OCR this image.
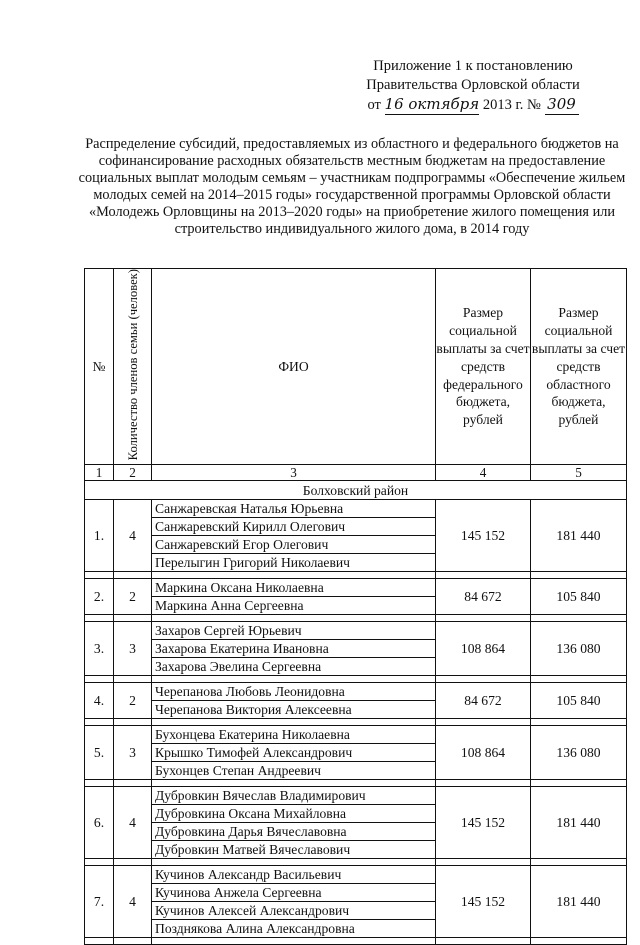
Приложение 1 к постановлению
Правительства Орловской области
от 16 октября 2013 г. № 309
Распределение субсидий, предоставляемых из областного и федерального бюджетов на софинансирование расходных обязательств местным бюджетам на предоставление социальных выплат молодым семьям – участникам подпрограммы «Обеспечение жильем молодых семей на 2014–2015 годы» государственной программы Орловской области «Молодежь Орловщины на 2013–2020 годы» на приобретение жилого помещения или строительство индивидуального жилого дома, в 2014 году
№	Количество членов семьи (человек)	ФИО	Размер социальной выплаты за счет средств федерального бюджета, рублей	Размер социальной выплаты за счет средств областного бюджета, рублей

1	2	3	4	5
Болховский район				
1.	4	Санжаревская Наталья Юрьевна	145 152	181 440
		Санжаревский Кирилл Олегович		
		Санжаревский Егор Олегович		
		Перелыгин Григорий Николаевич		

2.	2	Маркина Оксана Николаевна	84 672	105 840
		Маркина Анна Сергеевна		

3.	3	Захаров Сергей Юрьевич	108 864	136 080
		Захарова Екатерина Ивановна		
		Захарова Эвелина Сергеевна		

4.	2	Черепанова Любовь Леонидовна	84 672	105 840
		Черепанова Виктория Алексеевна		

5.	3	Бухонцева Екатерина Николаевна	108 864	136 080
		Крышко Тимофей Александрович		
		Бухонцев Степан Андреевич		

6.	4	Дубровкин Вячеслав Владимирович	145 152	181 440
		Дубровкина Оксана Михайловна		
		Дубровкина Дарья Вячеславовна		
		Дубровкин Матвей Вячеславович		

7.	4	Кучинов Александр Васильевич	145 152	181 440
		Кучинова Анжела Сергеевна		
		Кучинов Алексей Александрович		
		Позднякова Алина Александровна		
